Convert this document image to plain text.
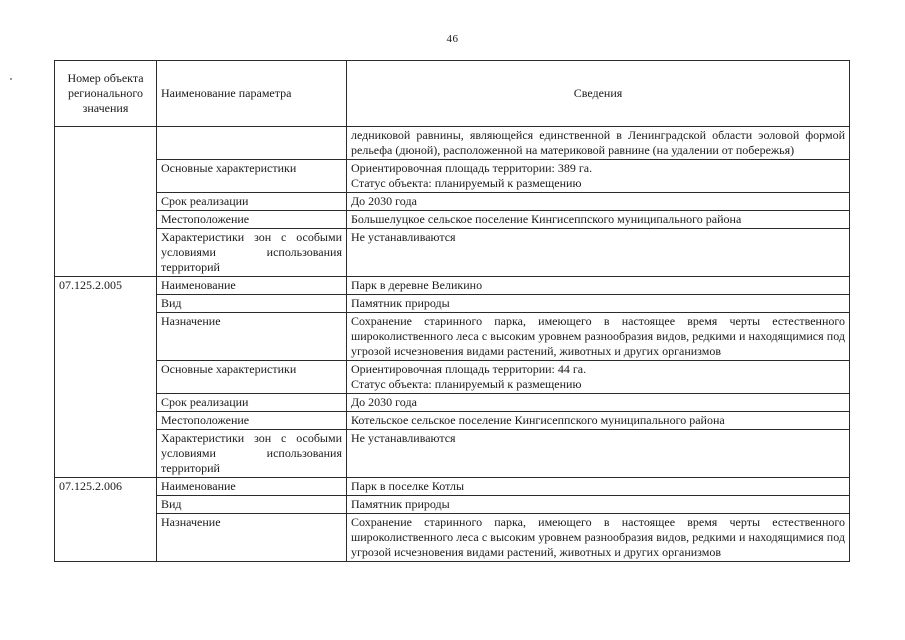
46
Номер объекта регионального значения	Наименование параметра	Сведения
		ледниковой равнины, являющейся единственной в Ленинградской области эоловой формой рельефа (дюной), расположенной на материковой равнине (на удалении от побережья)
	Основные характеристики	Ориентировочная площадь территории: 389 га.
Статус объекта: планируемый к размещению

	Срок реализации	До 2030 года
	Местоположение	Большелуцкое сельское поселение Кингисеппского муниципального района
	Характеристики зон с особыми условиями использования территорий	Не устанавливаются
07.125.2.005	Наименование	Парк в деревне Великино
	Вид	Памятник природы
	Назначение	Сохранение старинного парка, имеющего в настоящее время черты естественного широколиственного леса с высоким уровнем разнообразия видов, редкими и находящимися под угрозой исчезновения видами растений, животных и других организмов
	Основные характеристики	Ориентировочная площадь территории: 44 га.
Статус объекта: планируемый к размещению

	Срок реализации	До 2030 года
	Местоположение	Котельское сельское поселение Кингисеппского муниципального района
	Характеристики зон с особыми условиями использования территорий	Не устанавливаются
07.125.2.006	Наименование	Парк в поселке Котлы
	Вид	Памятник природы
	Назначение	Сохранение старинного парка, имеющего в настоящее время черты естественного широколиственного леса с высоким уровнем разнообразия видов, редкими и находящимися под угрозой исчезновения видами растений, животных и других организмов
